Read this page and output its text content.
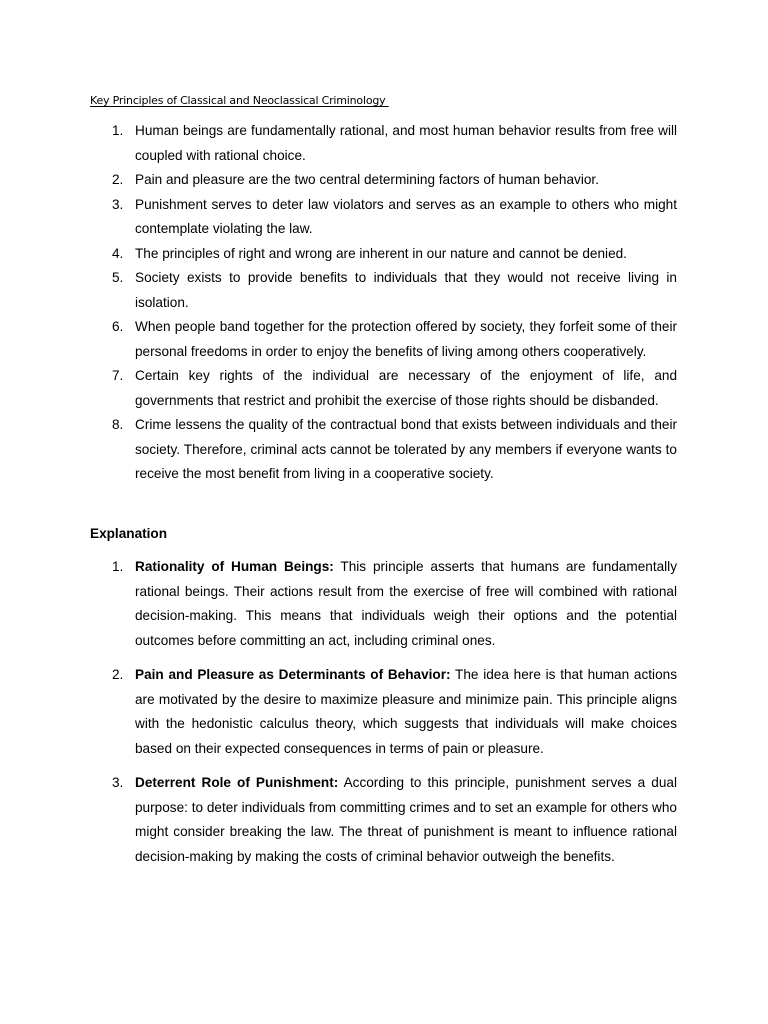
Key Principles of Classical and Neoclassical Criminology
1. Human beings are fundamentally rational, and most human behavior results from free will coupled with rational choice.
2. Pain and pleasure are the two central determining factors of human behavior.
3. Punishment serves to deter law violators and serves as an example to others who might contemplate violating the law.
4. The principles of right and wrong are inherent in our nature and cannot be denied.
5. Society exists to provide benefits to individuals that they would not receive living in isolation.
6. When people band together for the protection offered by society, they forfeit some of their personal freedoms in order to enjoy the benefits of living among others cooperatively.
7. Certain key rights of the individual are necessary of the enjoyment of life, and governments that restrict and prohibit the exercise of those rights should be disbanded.
8. Crime lessens the quality of the contractual bond that exists between individuals and their society. Therefore, criminal acts cannot be tolerated by any members if everyone wants to receive the most benefit from living in a cooperative society.
Explanation
1. Rationality of Human Beings: This principle asserts that humans are fundamentally rational beings. Their actions result from the exercise of free will combined with rational decision-making. This means that individuals weigh their options and the potential outcomes before committing an act, including criminal ones.
2. Pain and Pleasure as Determinants of Behavior: The idea here is that human actions are motivated by the desire to maximize pleasure and minimize pain. This principle aligns with the hedonistic calculus theory, which suggests that individuals will make choices based on their expected consequences in terms of pain or pleasure.
3. Deterrent Role of Punishment: According to this principle, punishment serves a dual purpose: to deter individuals from committing crimes and to set an example for others who might consider breaking the law. The threat of punishment is meant to influence rational decision-making by making the costs of criminal behavior outweigh the benefits.
